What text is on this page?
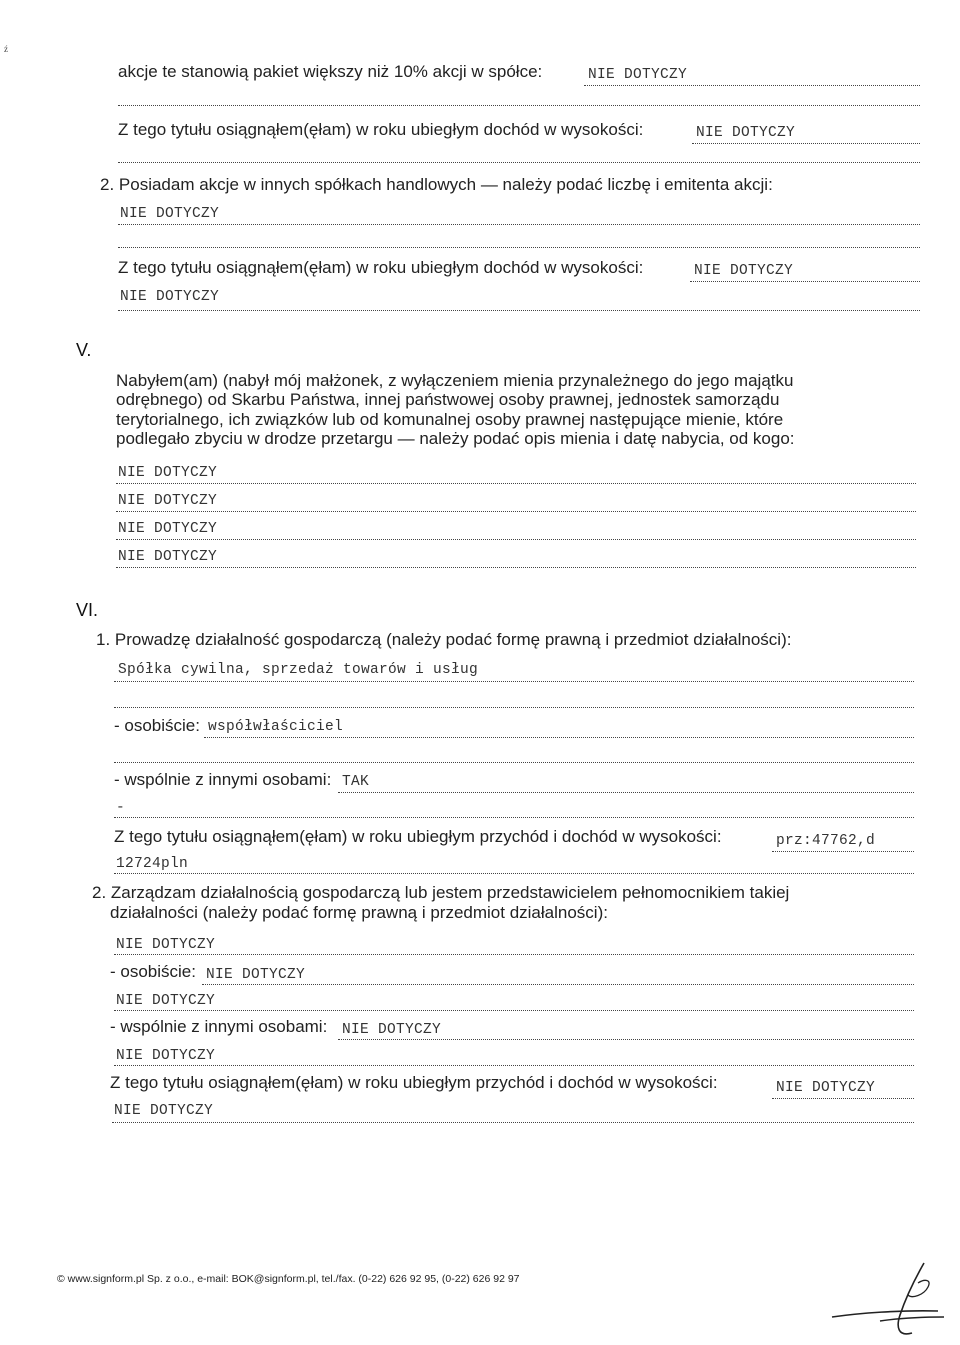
ź
akcje te stanowią pakiet większy niż 10% akcji w spółce:	NIE DOTYCZY
Z tego tytułu osiągnąłem(ęłam) w roku ubiegłym dochód w wysokości:	NIE DOTYCZY
2. Posiadam akcje w innych spółkach handlowych — należy podać liczbę i emitenta akcji:
NIE DOTYCZY
Z tego tytułu osiągnąłem(ęłam) w roku ubiegłym dochód w wysokości:	NIE DOTYCZY
NIE DOTYCZY
V.
Nabyłem(am) (nabył mój małżonek, z wyłączeniem mienia przynależnego do jego majątku
odrębnego) od Skarbu Państwa, innej państwowej osoby prawnej, jednostek samorządu
terytorialnego, ich związków lub od komunalnej osoby prawnej następujące mienie, które
podlegało zbyciu w drodze przetargu — należy podać opis mienia i datę nabycia, od kogo:
NIE DOTYCZY
NIE DOTYCZY
NIE DOTYCZY
NIE DOTYCZY
VI.
1. Prowadzę działalność gospodarczą (należy podać formę prawną i przedmiot działalności):
Spółka cywilna, sprzedaż towarów i usług
- osobiście: współwłaściciel
- wspólnie z innymi osobami: TAK
-
Z tego tytułu osiągnąłem(ęłam) w roku ubiegłym przychód i dochód w wysokości:	prz:47762,d
12724pln
2. Zarządzam działalnością gospodarczą lub jestem przedstawicielem pełnomocnikiem takiej
działalności (należy podać formę prawną i przedmiot działalności):
NIE DOTYCZY
- osobiście: NIE DOTYCZY
NIE DOTYCZY
- wspólnie z innymi osobami: NIE DOTYCZY
NIE DOTYCZY
Z tego tytułu osiągnąłem(ęłam) w roku ubiegłym przychód i dochód w wysokości:	NIE DOTYCZY
NIE DOTYCZY
© www.signform.pl Sp. z o.o., e-mail: BOK@signform.pl, tel./fax. (0-22) 626 92 95, (0-22) 626 92 97
